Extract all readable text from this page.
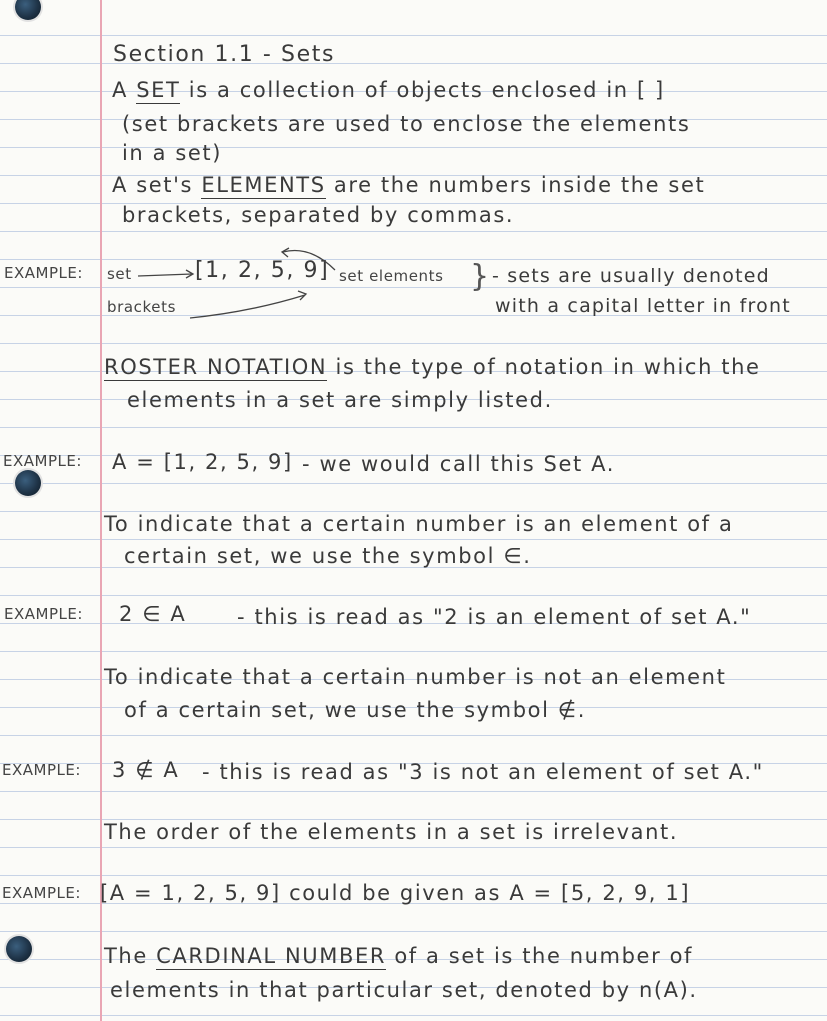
Section 1.1 - Sets
A SET is a collection of objects enclosed in [ ]
(set brackets are used to enclose the elements
in a set)
A set's ELEMENTS are the numbers inside the set
brackets, separated by commas.
EXAMPLE: set	[1, 2, 5, 9] set elements
brackets
} - sets are usually denoted
with a capital letter in front
ROSTER NOTATION is the type of notation in which the
elements in a set are simply listed.
EXAMPLE: A = [1, 2, 5, 9] - we would call this Set A.
To indicate that a certain number is an element of a
certain set, we use the symbol ∈.
EXAMPLE: 2 ∈ A - this is read as "2 is an element of set A."
To indicate that a certain number is not an element
of a certain set, we use the symbol ∉.
EXAMPLE: 3 ∉ A - this is read as "3 is not an element of set A."
The order of the elements in a set is irrelevant.
EXAMPLE: [A = 1, 2, 5, 9] could be given as A = [5, 2, 9, 1]
The CARDINAL NUMBER of a set is the number of
elements in that particular set, denoted by n(A).
